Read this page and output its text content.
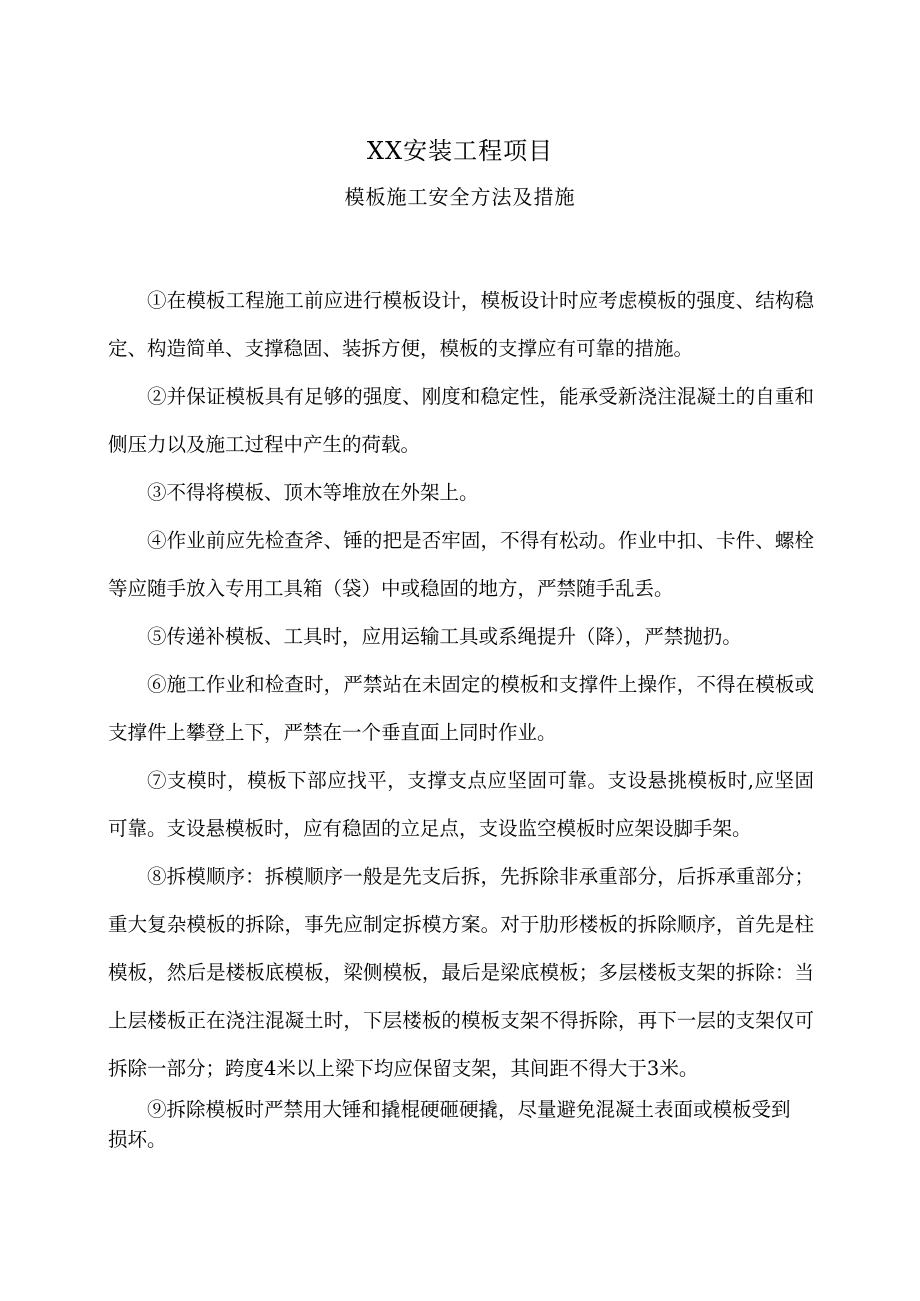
XX安装工程项目
模板施工安全方法及措施

①在模板工程施工前应进行模板设计，模板设计时应考虑模板的强度、结构稳定、构造简单、支撑稳固、装拆方便，模板的支撑应有可靠的措施。

②并保证模板具有足够的强度、刚度和稳定性，能承受新浇注混凝土的自重和侧压力以及施工过程中产生的荷载。

③不得将模板、顶木等堆放在外架上。

④作业前应先检查斧、锤的把是否牢固，不得有松动。作业中扣、卡件、螺栓等应随手放入专用工具箱（袋）中或稳固的地方，严禁随手乱丢。

⑤传递补模板、工具时，应用运输工具或系绳提升（降），严禁抛扔。

⑥施工作业和检查时，严禁站在未固定的模板和支撑件上操作，不得在模板或支撑件上攀登上下，严禁在一个垂直面上同时作业。

⑦支模时，模板下部应找平，支撑支点应坚固可靠。支设悬挑模板时,应坚固可靠。支设悬模板时，应有稳固的立足点，支设监空模板时应架设脚手架。

⑧拆模顺序：拆模顺序一般是先支后拆，先拆除非承重部分，后拆承重部分；重大复杂模板的拆除，事先应制定拆模方案。对于肋形楼板的拆除顺序，首先是柱模板，然后是楼板底模板，梁侧模板，最后是梁底模板；多层楼板支架的拆除：当上层楼板正在浇注混凝土时，下层楼板的模板支架不得拆除，再下一层的支架仅可拆除一部分；跨度4米以上梁下均应保留支架，其间距不得大于3米。

⑨拆除模板时严禁用大锤和撬棍硬砸硬撬，尽量避免混凝土表面或模板受到损坏。
